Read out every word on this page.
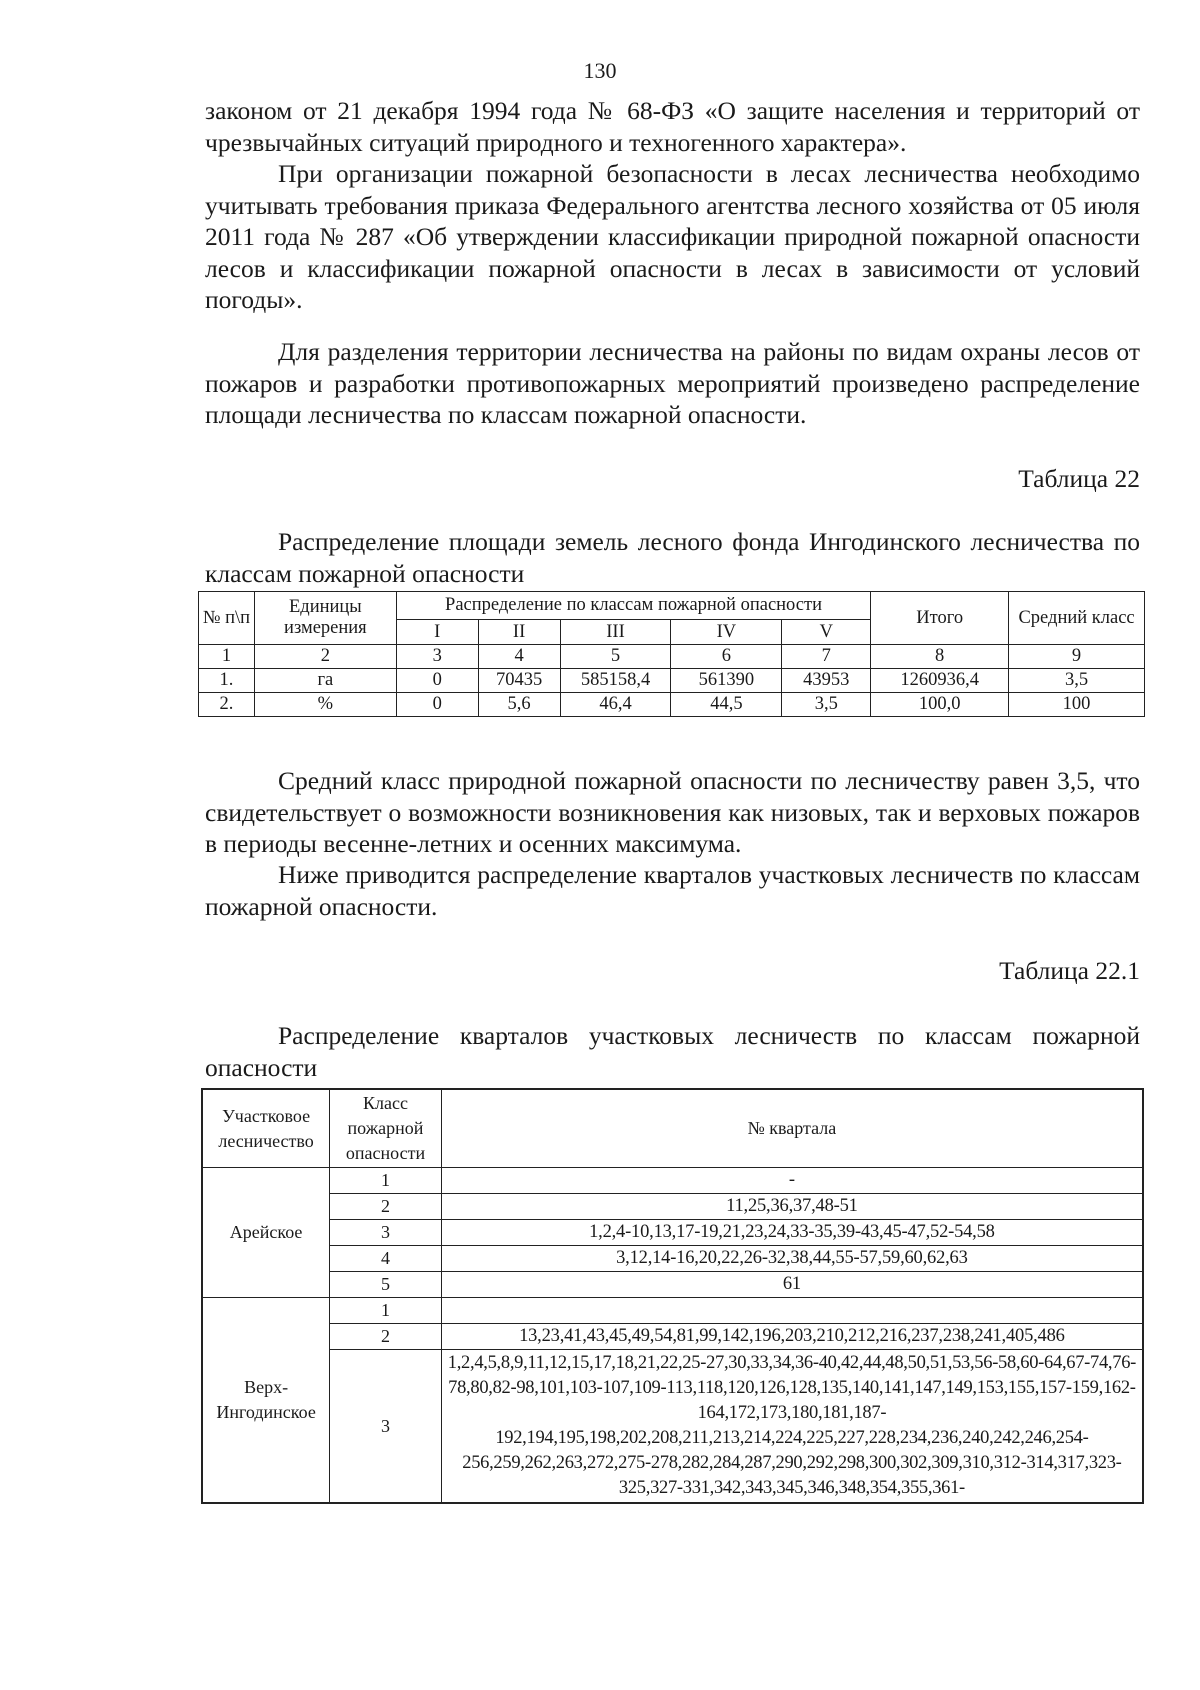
130

законом от 21 декабря 1994 года № 68-ФЗ «О защите населения и территорий от чрезвычайных ситуаций природного и техногенного характера».

При организации пожарной безопасности в лесах лесничества необходимо учитывать требования приказа Федерального агентства лесного хозяйства от 05 июля 2011 года № 287 «Об утверждении классификации природной пожарной опасности лесов и классификации пожарной опасности в лесах в зависимости от условий погоды».

Для разделения территории лесничества на районы по видам охраны лесов от пожаров и разработки противопожарных мероприятий произведено распределение площади лесничества по классам пожарной опасности.

Таблица 22

Распределение площади земель лесного фонда Ингодинского лесничества по классам пожарной опасности

№ п\п	Единицы измерения	Распределение по классам пожарной опасности					Итого	Средний класс
		I	II	III	IV	V		
1	2	3	4	5	6	7	8	9
1.	га	0	70435	585158,4	561390	43953	1260936,4	3,5
2.	%	0	5,6	46,4	44,5	3,5	100,0	100

Средний класс природной пожарной опасности по лесничеству равен 3,5, что свидетельствует о возможности возникновения как низовых, так и верховых пожаров в периоды весенне-летних и осенних максимума.

Ниже приводится распределение кварталов участковых лесничеств по классам пожарной опасности.

Таблица 22.1

Распределение кварталов участковых лесничеств по классам пожарной опасности

Участковое лесничество	Класс пожарной опасности	№ квартала
Арейское	1	-
	2	11,25,36,37,48-51
	3	1,2,4-10,13,17-19,21,23,24,33-35,39-43,45-47,52-54,58
	4	3,12,14-16,20,22,26-32,38,44,55-57,59,60,62,63
	5	61
Верх-Ингодинское	1	
	2	13,23,41,43,45,49,54,81,99,142,196,203,210,212,216,237,238,241,405,486
	3	1,2,4,5,8,9,11,12,15,17,18,21,22,25-27,30,33,34,36-40,42,44,48,50,51,53,56-58,60-64,67-74,76-78,80,82-98,101,103-107,109-113,118,120,126,128,135,140,141,147,149,153,155,157-159,162-164,172,173,180,181,187-192,194,195,198,202,208,211,213,214,224,225,227,228,234,236,240,242,246,254-256,259,262,263,272,275-278,282,284,287,290,292,298,300,302,309,310,312-314,317,323-325,327-331,342,343,345,346,348,354,355,361-
